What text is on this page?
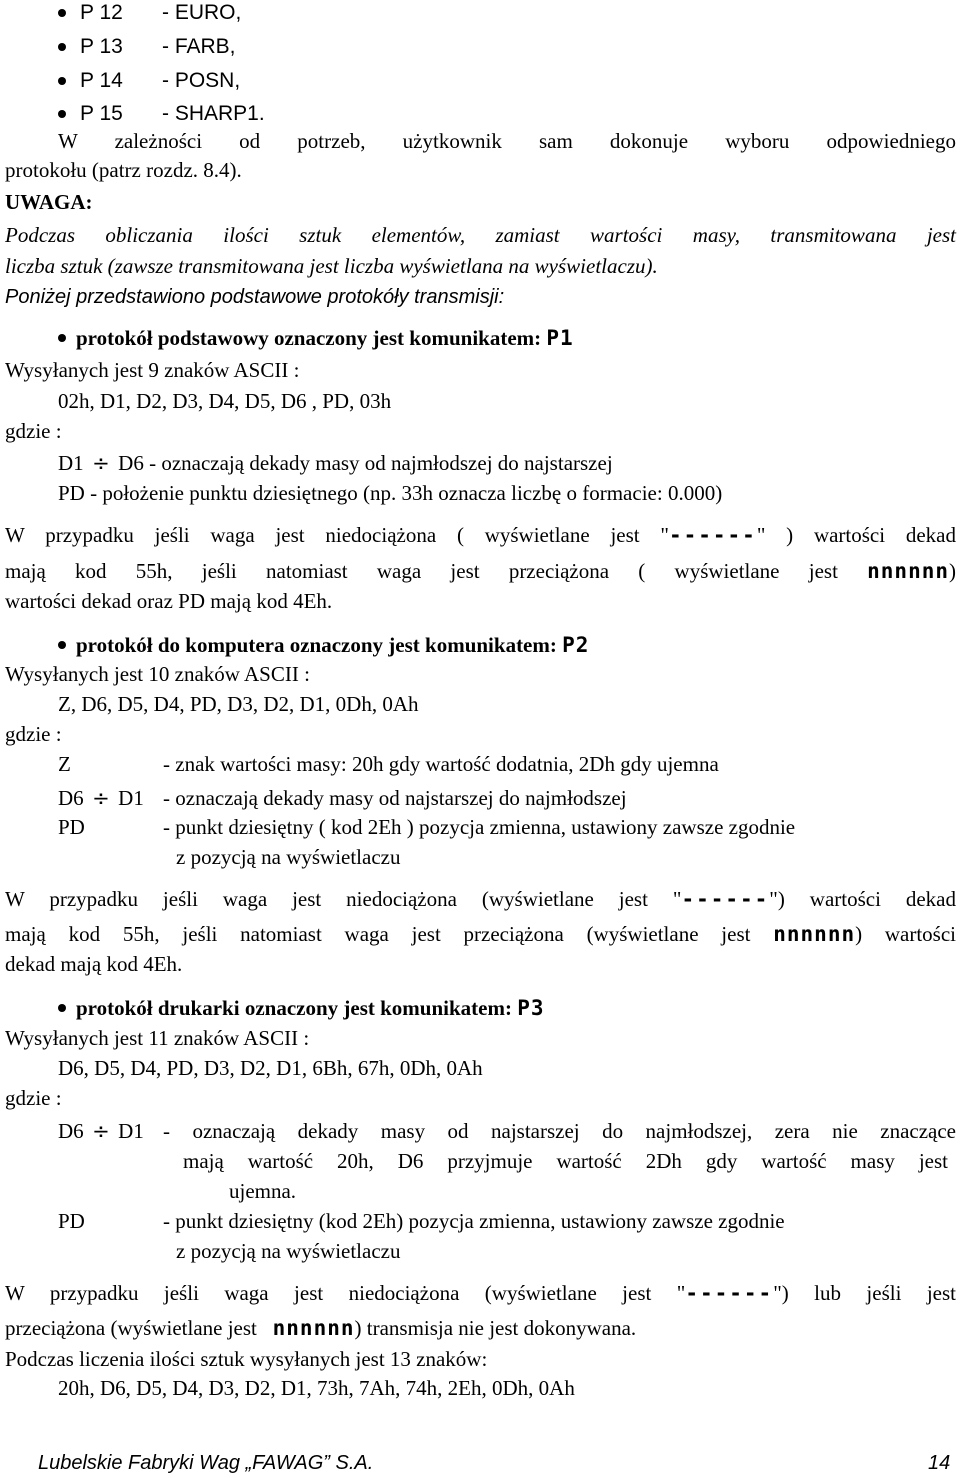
P 12 - EURO,
P 13 - FARB,
P 14 - POSN,
P 15 - SHARP1.
W zależności od potrzeb, użytkownik sam dokonuje wyboru odpowiedniego
protokołu (patrz rozdz. 8.4).
UWAGA:
Podczas obliczania ilości sztuk elementów, zamiast wartości masy, transmitowana jest
liczba sztuk (zawsze transmitowana jest liczba wyświetlana na wyświetlaczu).
Poniżej przedstawiono podstawowe protokóły transmisji:
protokół podstawowy oznaczony jest komunikatem: P1
Wysyłanych jest 9 znaków ASCII :
02h, D1, D2, D3, D4, D5, D6 , PD, 03h
gdzie :
D1 ÷ D6 - oznaczają dekady masy od najmłodszej do najstarszej
PD - położenie punktu dziesiętnego (np. 33h oznacza liczbę o formacie: 0.000)
W przypadku jeśli waga jest niedociążona ( wyświetlane jest "------" ) wartości dekad
mają kod 55h, jeśli natomiast waga jest przeciążona ( wyświetlane jest nnnnnn)
wartości dekad oraz PD mają kod 4Eh.
protokół do komputera oznaczony jest komunikatem: P2
Wysyłanych jest 10 znaków ASCII :
Z, D6, D5, D4, PD, D3, D2, D1, 0Dh, 0Ah
gdzie :
Z	- znak wartości masy: 20h gdy wartość dodatnia, 2Dh gdy ujemna
D6 ÷ D1 - oznaczają dekady masy od najstarszej do najmłodszej
PD	- punkt dziesiętny ( kod 2Eh ) pozycja zmienna, ustawiony zawsze zgodnie
z pozycją na wyświetlaczu
W przypadku jeśli waga jest niedociążona (wyświetlane jest "------") wartości dekad
mają kod 55h, jeśli natomiast waga jest przeciążona (wyświetlane jest nnnnnn) wartości
dekad mają kod 4Eh.
protokół drukarki oznaczony jest komunikatem: P3
Wysyłanych jest 11 znaków ASCII :
D6, D5, D4, PD, D3, D2, D1, 6Bh, 67h, 0Dh, 0Ah
gdzie :
D6 ÷ D1 - oznaczają dekady masy od najstarszej do najmłodszej, zera nie znaczące
mają wartość 20h, D6 przyjmuje wartość 2Dh gdy wartość masy jest
ujemna.
PD	- punkt dziesiętny (kod 2Eh) pozycja zmienna, ustawiony zawsze zgodnie
z pozycją na wyświetlaczu
W przypadku jeśli waga jest niedociążona (wyświetlane jest "------") lub jeśli jest
przeciążona (wyświetlane jest nnnnnn) transmisja nie jest dokonywana.
Podczas liczenia ilości sztuk wysyłanych jest 13 znaków:
20h, D6, D5, D4, D3, D2, D1, 73h, 7Ah, 74h, 2Eh, 0Dh, 0Ah
Lubelskie Fabryki Wag „FAWAG” S.A.	14
